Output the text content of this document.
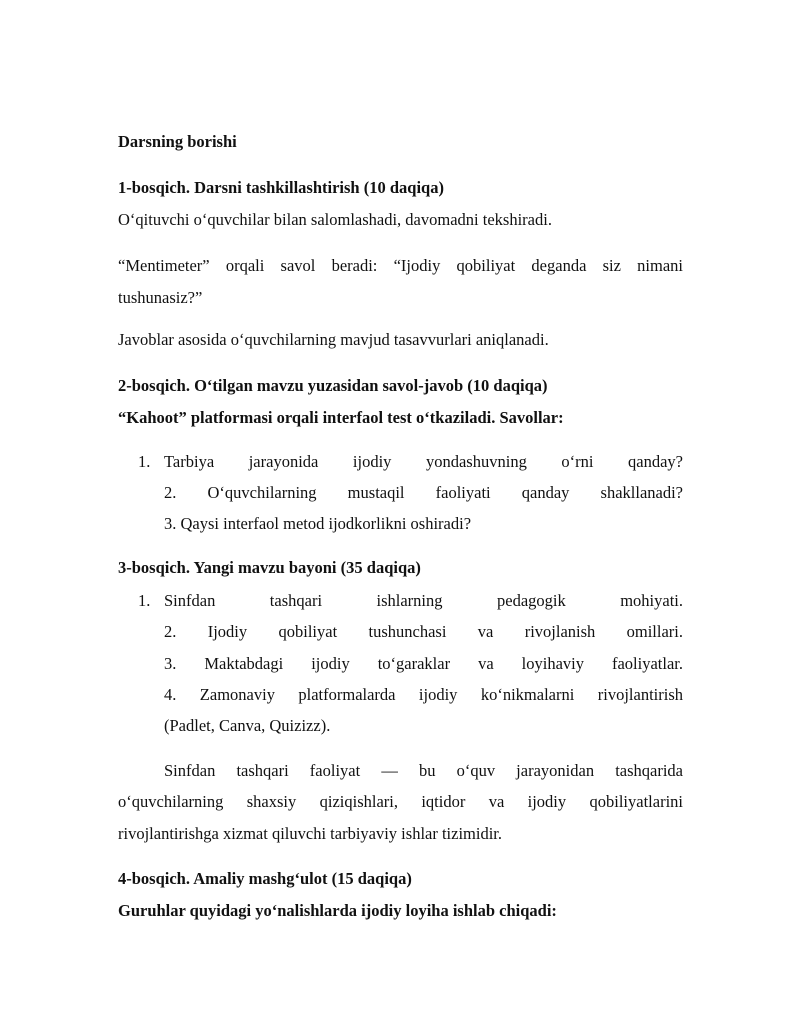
Darsning borishi
1-bosqich. Darsni tashkillashtirish (10 daqiqa)
O‘qituvchi o‘quvchilar bilan salomlashadi, davomadni tekshiradi.
“Mentimeter” orqali savol beradi: “Ijodiy qobiliyat deganda siz nimani
tushunasiz?”
Javoblar asosida o‘quvchilarning mavjud tasavvurlari aniqlanadi.
2-bosqich. O‘tilgan mavzu yuzasidan savol-javob (10 daqiqa)
“Kahoot” platformasi orqali interfaol test o‘tkaziladi. Savollar:
1. Tarbiya jarayonida ijodiy yondashuvning o‘rni qanday?
2. O‘quvchilarning mustaqil faoliyati qanday shakllanadi?
3. Qaysi interfaol metod ijodkorlikni oshiradi?
3-bosqich. Yangi mavzu bayoni (35 daqiqa)
1. Sinfdan tashqari ishlarning pedagogik mohiyati.
2. Ijodiy qobiliyat tushunchasi va rivojlanish omillari.
3. Maktabdagi ijodiy to‘garaklar va loyihaviy faoliyatlar.
4. Zamonaviy platformalarda ijodiy ko‘nikmalarni rivojlantirish
(Padlet, Canva, Quizizz).
Sinfdan tashqari faoliyat — bu o‘quv jarayonidan tashqarida
o‘quvchilarning shaxsiy qiziqishlari, iqtidor va ijodiy qobiliyatlarini
rivojlantirishga xizmat qiluvchi tarbiyaviy ishlar tizimidir.
4-bosqich. Amaliy mashg‘ulot (15 daqiqa)
Guruhlar quyidagi yo‘nalishlarda ijodiy loyiha ishlab chiqadi:
